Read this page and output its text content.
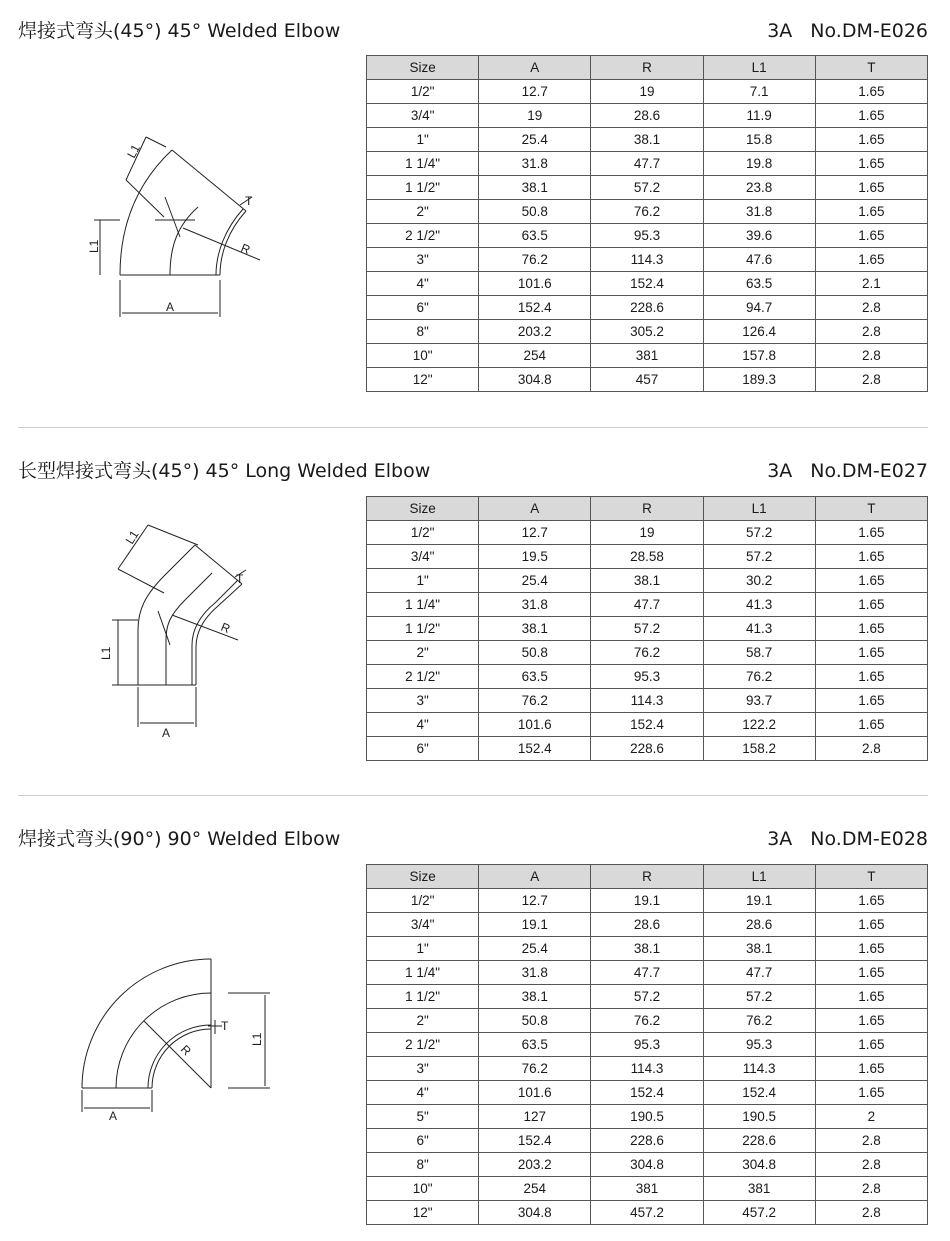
焊接式弯头(45°) 45° Welded Elbow	3A No.DM-E026
L1
L1
T
R
A
Size	A	R	L1	T
1/2"	12.7	19	7.1	1.65
3/4"	19	28.6	11.9	1.65
1"	25.4	38.1	15.8	1.65
1 1/4"	31.8	47.7	19.8	1.65
1 1/2"	38.1	57.2	23.8	1.65
2"	50.8	76.2	31.8	1.65
2 1/2"	63.5	95.3	39.6	1.65
3"	76.2	114.3	47.6	1.65
4"	101.6	152.4	63.5	2.1
6"	152.4	228.6	94.7	2.8
8"	203.2	305.2	126.4	2.8
10"	254	381	157.8	2.8
12"	304.8	457	189.3	2.8
长型焊接式弯头(45°) 45° Long Welded Elbow	3A No.DM-E027
L1
L1
T
R
A
Size	A	R	L1	T
1/2"	12.7	19	57.2	1.65
3/4"	19.5	28.58	57.2	1.65
1"	25.4	38.1	30.2	1.65
1 1/4"	31.8	47.7	41.3	1.65
1 1/2"	38.1	57.2	41.3	1.65
2"	50.8	76.2	58.7	1.65
2 1/2"	63.5	95.3	76.2	1.65
3"	76.2	114.3	93.7	1.65
4"	101.6	152.4	122.2	1.65
6"	152.4	228.6	158.2	2.8
焊接式弯头(90°) 90° Welded Elbow	3A No.DM-E028
T
R
L1
A
Size	A	R	L1	T
1/2"	12.7	19.1	19.1	1.65
3/4"	19.1	28.6	28.6	1.65
1"	25.4	38.1	38.1	1.65
1 1/4"	31.8	47.7	47.7	1.65
1 1/2"	38.1	57.2	57.2	1.65
2"	50.8	76.2	76.2	1.65
2 1/2"	63.5	95.3	95.3	1.65
3"	76.2	114.3	114.3	1.65
4"	101.6	152.4	152.4	1.65
5"	127	190.5	190.5	2
6"	152.4	228.6	228.6	2.8
8"	203.2	304.8	304.8	2.8
10"	254	381	381	2.8
12"	304.8	457.2	457.2	2.8
